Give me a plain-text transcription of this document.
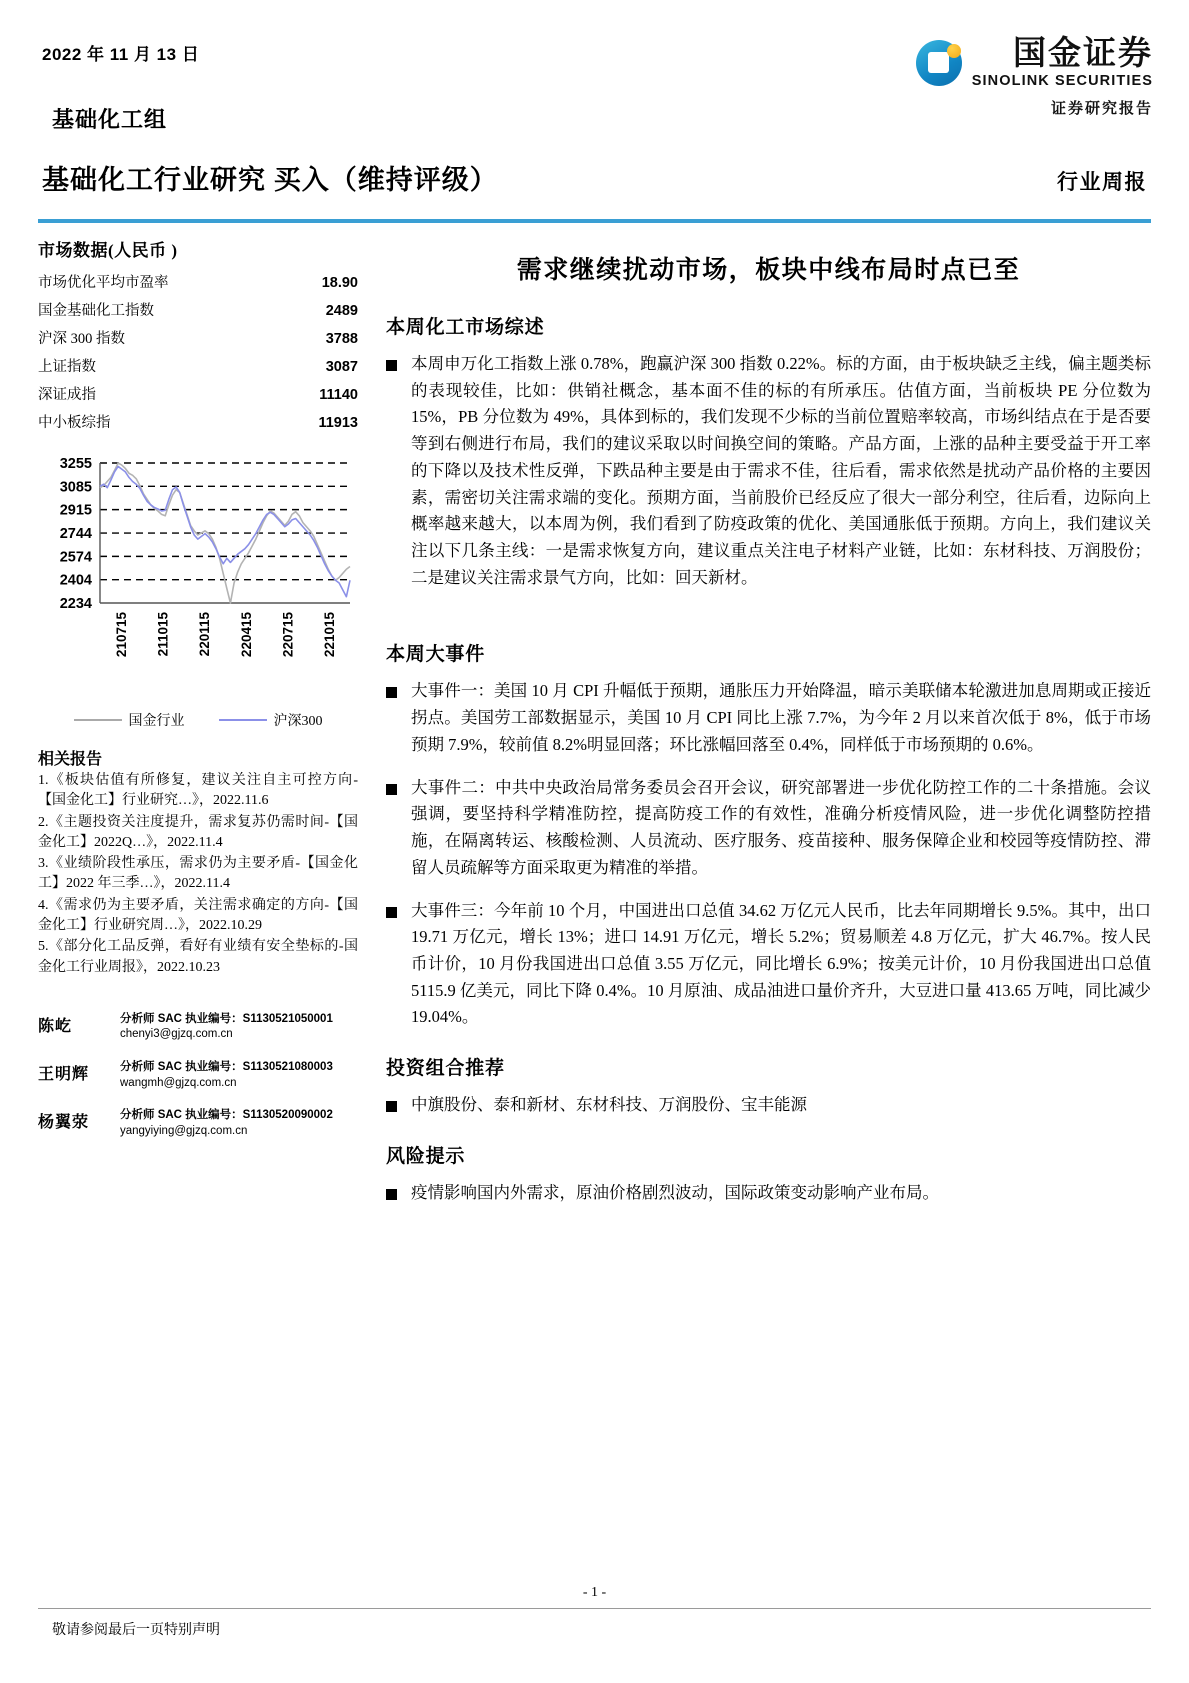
2022 年 11 月 13 日
基础化工组
国金证券
SINOLINK SECURITIES
证券研究报告
基础化工行业研究 买入（维持评级）	行业周报
市场数据(人民币 )
市场优化平均市盈率	18.90
国金基础化工指数	2489
沪深 300 指数	3788
上证指数	3087
深证成指	11140
中小板综指	11913
2234
2404
2574
2744
2915
3085
3255
210715 211015 220115 220415 220715 221015
国金行业	沪深300
相关报告
1.《板块估值有所修复，建议关注自主可控方向-【国金化工】行业研究…》，2022.11.6
2.《主题投资关注度提升，需求复苏仍需时间-【国金化工】2022Q…》，2022.11.4
3.《业绩阶段性承压，需求仍为主要矛盾-【国金化工】2022 年三季…》，2022.11.4
4.《需求仍为主要矛盾，关注需求确定的方向-【国金化工】行业研究周…》，2022.10.29
5.《部分化工品反弹，看好有业绩有安全垫标的-国金化工行业周报》，2022.10.23
陈屹	分析师 SAC 执业编号：S1130521050001
chenyi3@gjzq.com.cn
王明辉	分析师 SAC 执业编号：S1130521080003
wangmh@gjzq.com.cn
杨翼荥	分析师 SAC 执业编号：S1130520090002
yangyiying@gjzq.com.cn
需求继续扰动市场，板块中线布局时点已至
本周化工市场综述
本周申万化工指数上涨 0.78%，跑赢沪深 300 指数 0.22%。标的方面，由于板块缺乏主线，偏主题类标的表现较佳，比如：供销社概念，基本面不佳的标的有所承压。估值方面，当前板块 PE 分位数为 15%，PB 分位数为 49%，具体到标的，我们发现不少标的当前位置赔率较高，市场纠结点在于是否要等到右侧进行布局，我们的建议采取以时间换空间的策略。产品方面，上涨的品种主要受益于开工率的下降以及技术性反弹，下跌品种主要是由于需求不佳，往后看，需求依然是扰动产品价格的主要因素，需密切关注需求端的变化。预期方面，当前股价已经反应了很大一部分利空，往后看，边际向上概率越来越大，以本周为例，我们看到了防疫政策的优化、美国通胀低于预期。方向上，我们建议关注以下几条主线：一是需求恢复方向，建议重点关注电子材料产业链，比如：东材科技、万润股份；二是建议关注需求景气方向，比如：回天新材。
本周大事件
大事件一：美国 10 月 CPI 升幅低于预期，通胀压力开始降温，暗示美联储本轮激进加息周期或正接近拐点。美国劳工部数据显示，美国 10 月 CPI 同比上涨 7.7%，为今年 2 月以来首次低于 8%，低于市场预期 7.9%，较前值 8.2%明显回落；环比涨幅回落至 0.4%，同样低于市场预期的 0.6%。
大事件二：中共中央政治局常务委员会召开会议，研究部署进一步优化防控工作的二十条措施。会议强调，要坚持科学精准防控，提高防疫工作的有效性，准确分析疫情风险，进一步优化调整防控措施，在隔离转运、核酸检测、人员流动、医疗服务、疫苗接种、服务保障企业和校园等疫情防控、滞留人员疏解等方面采取更为精准的举措。
大事件三：今年前 10 个月，中国进出口总值 34.62 万亿元人民币，比去年同期增长 9.5%。其中，出口 19.71 万亿元，增长 13%；进口 14.91 万亿元，增长 5.2%；贸易顺差 4.8 万亿元，扩大 46.7%。按人民币计价，10 月份我国进出口总值 3.55 万亿元，同比增长 6.9%；按美元计价，10 月份我国进出口总值 5115.9 亿美元，同比下降 0.4%。10 月原油、成品油进口量价齐升，大豆进口量 413.65 万吨，同比减少 19.04%。
投资组合推荐
中旗股份、泰和新材、东材科技、万润股份、宝丰能源
风险提示
疫情影响国内外需求，原油价格剧烈波动，国际政策变动影响产业布局。
- 1 -
敬请参阅最后一页特别声明
